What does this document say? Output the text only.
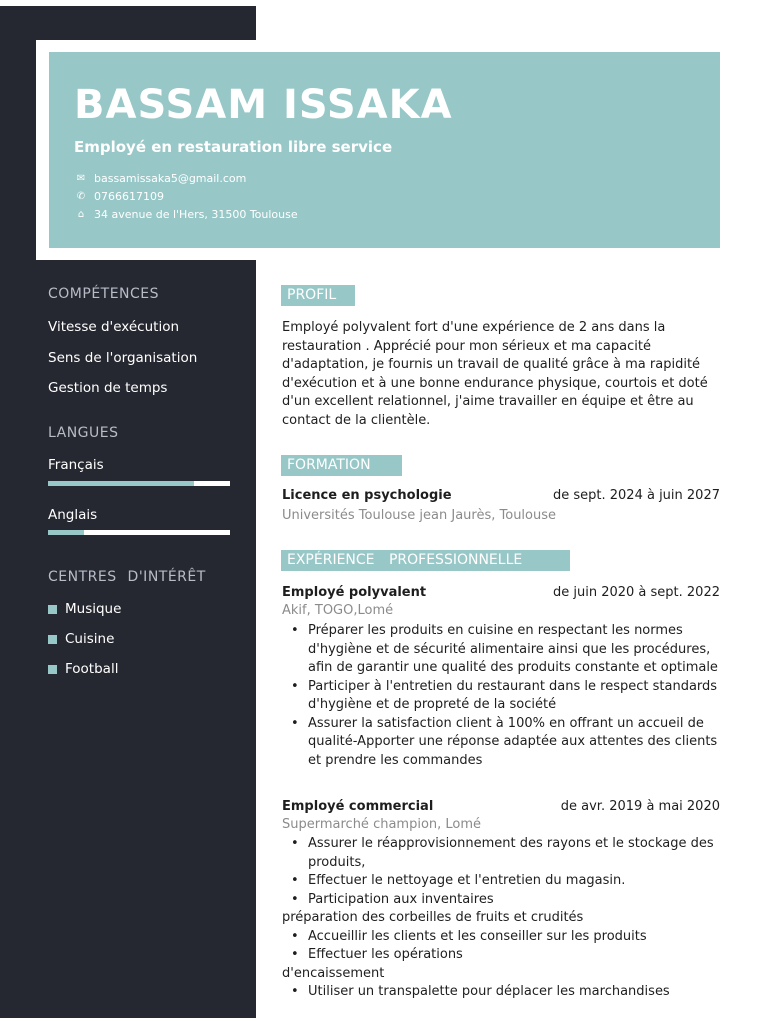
BASSAM ISSAKA
Employé en restauration libre service
✉ bassamissaka5@gmail.com
✆ 0766617109
⌂ 34 avenue de l'Hers, 31500 Toulouse
COMPÉTENCES
Vitesse d'exécution
Sens de l'organisation
Gestion de temps
LANGUES
Français
Anglais
CENTRES D'INTÉRÊT
Musique
Cuisine
Football
PROFIL
Employé polyvalent fort d'une expérience de 2 ans dans la restauration . Apprécié pour mon sérieux et ma capacité d'adaptation, je fournis un travail de qualité grâce à ma rapidité d'exécution et à une bonne endurance physique, courtois et doté d'un excellent relationnel, j'aime travailler en équipe et être au contact de la clientèle.
FORMATION
Licence en psychologie	de sept. 2024 à juin 2027
Universités Toulouse jean Jaurès, Toulouse
EXPÉRIENCE PROFESSIONNELLE
Employé polyvalent	de juin 2020 à sept. 2022
Akif, TOGO,Lomé
• Préparer les produits en cuisine en respectant les normes d'hygiène et de sécurité alimentaire ainsi que les procédures, afin de garantir une qualité des produits constante et optimale
• Participer à l'entretien du restaurant dans le respect standards d'hygiène et de propreté de la société
• Assurer la satisfaction client à 100% en offrant un accueil de qualité-Apporter une réponse adaptée aux attentes des clients et prendre les commandes
Employé commercial	de avr. 2019 à mai 2020
Supermarché champion, Lomé
• Assurer le réapprovisionnement des rayons et le stockage des produits,
• Effectuer le nettoyage et l'entretien du magasin.
• Participation aux inventaires
préparation des corbeilles de fruits et crudités
• Accueillir les clients et les conseiller sur les produits
• Effectuer les opérations
d'encaissement
• Utiliser un transpalette pour déplacer les marchandises
